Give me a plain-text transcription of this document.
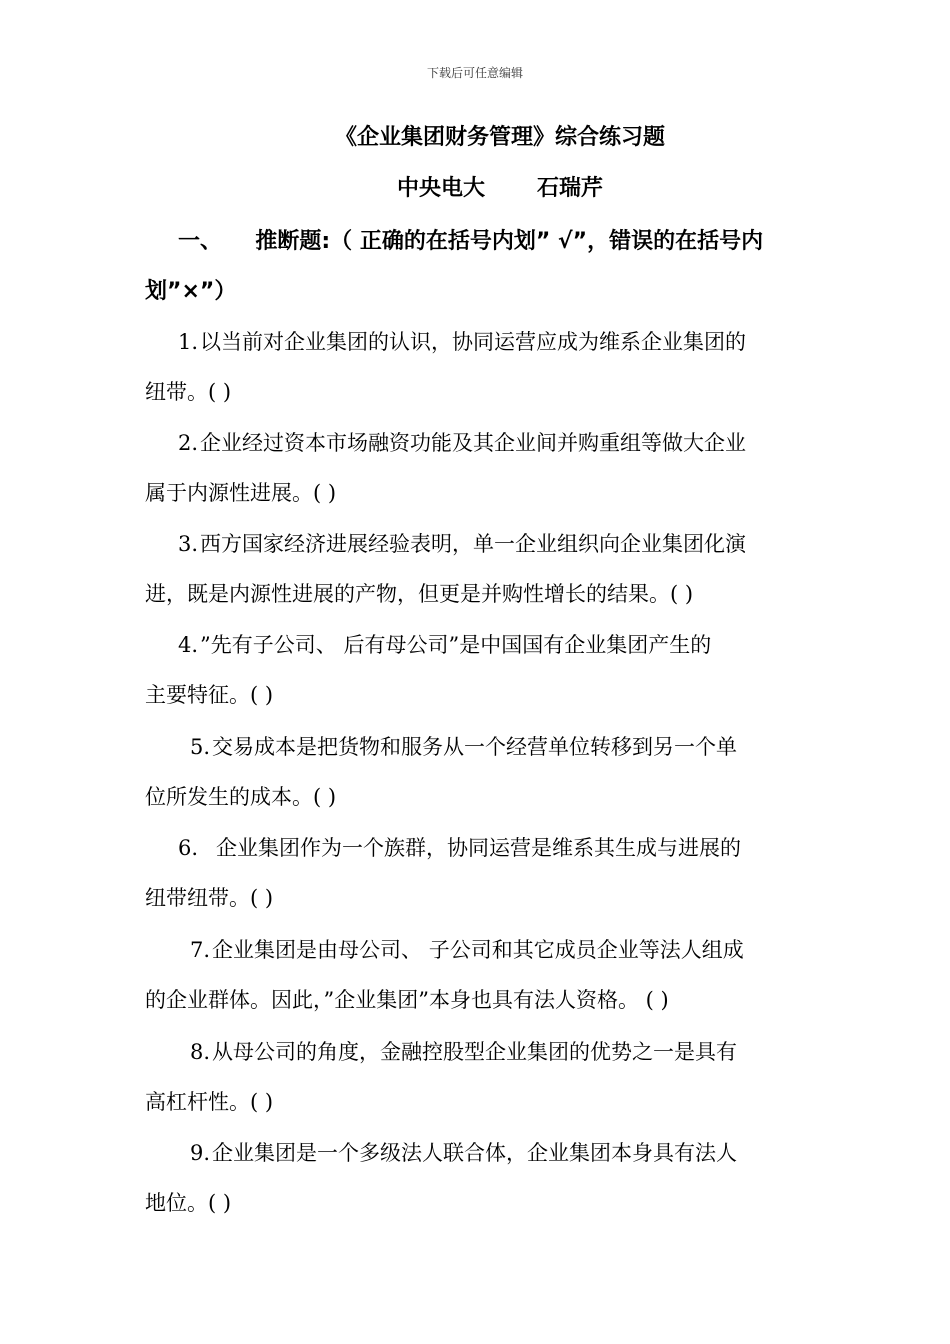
下载后可任意编辑
《企业集团财务管理》综合练习题
中央电大 石瑞芹
一、 推断题:（ 正确的在括号内划” √”，错误的在括号内
划”×”）
1.以当前对企业集团的认识，协同运营应成为维系企业集团的
纽带。( )
2.企业经过资本市场融资功能及其企业间并购重组等做大企业
属于内源性进展。( )
3.西方国家经济进展经验表明，单一企业组织向企业集团化演
进，既是内源性进展的产物，但更是并购性增长的结果。( )
4.”先有子公司、 后有母公司”是中国国有企业集团产生的
主要特征。( )
5.交易成本是把货物和服务从一个经营单位转移到另一个单
位所发生的成本。( )
6. 企业集团作为一个族群，协同运营是维系其生成与进展的
纽带纽带。( )
7.企业集团是由母公司、 子公司和其它成员企业等法人组成
的企业群体。因此，”企业集团”本身也具有法人资格。 ( )
8.从母公司的角度，金融控股型企业集团的优势之一是具有
高杠杆性。( )
9.企业集团是一个多级法人联合体，企业集团本身具有法人
地位。( )
